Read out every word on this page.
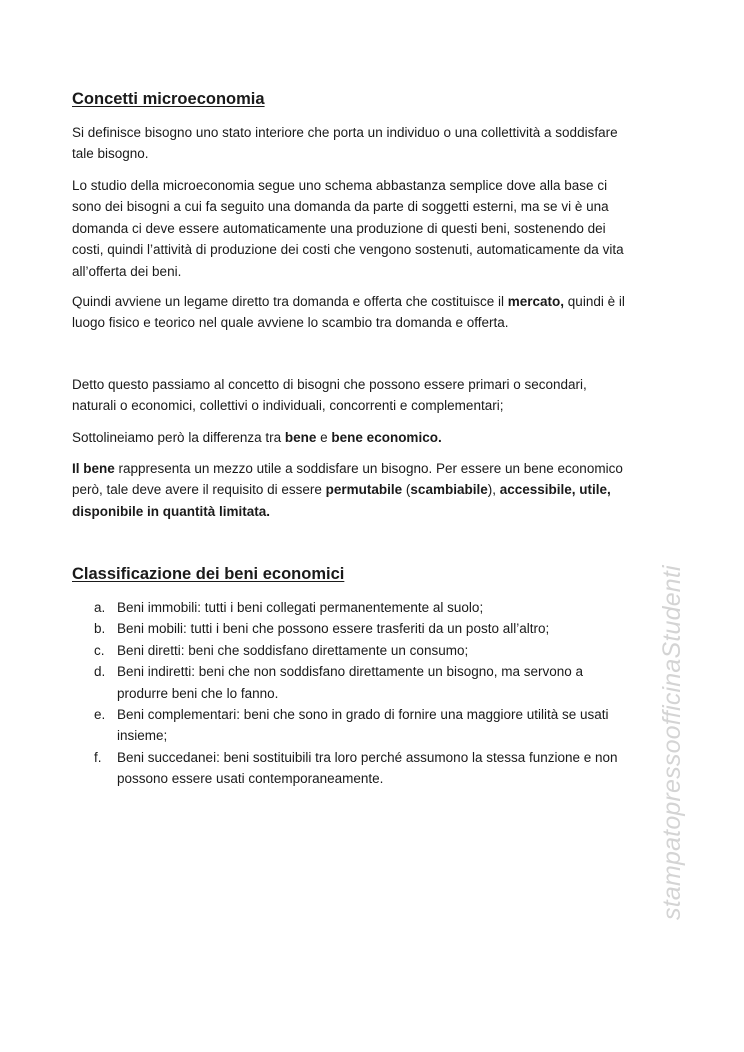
Concetti microeconomia
Si definisce bisogno uno stato interiore che porta un individuo o una collettività a soddisfare
tale bisogno.
Lo studio della microeconomia segue uno schema abbastanza semplice dove alla base ci
sono dei bisogni a cui fa seguito una domanda da parte di soggetti esterni, ma se vi è una
domanda ci deve essere automaticamente una produzione di questi beni, sostenendo dei
costi, quindi l’attività di produzione dei costi che vengono sostenuti, automaticamente da vita
all’offerta dei beni.
Quindi avviene un legame diretto tra domanda e offerta che costituisce il mercato, quindi è il
luogo fisico e teorico nel quale avviene lo scambio tra domanda e offerta.
Detto questo passiamo al concetto di bisogni che possono essere primari o secondari,
naturali o economici, collettivi o individuali, concorrenti e complementari;
Sottolineiamo però la differenza tra bene e bene economico.
Il bene rappresenta un mezzo utile a soddisfare un bisogno. Per essere un bene economico
però, tale deve avere il requisito di essere permutabile (scambiabile), accessibile, utile,
disponibile in quantità limitata.
Classificazione dei beni economici
a. Beni immobili: tutti i beni collegati permanentemente al suolo;
b. Beni mobili: tutti i beni che possono essere trasferiti da un posto all’altro;
c. Beni diretti: beni che soddisfano direttamente un consumo;
d. Beni indiretti: beni che non soddisfano direttamente un bisogno, ma servono a
produrre beni che lo fanno.
e. Beni complementari: beni che sono in grado di fornire una maggiore utilità se usati
insieme;
f. Beni succedanei: beni sostituibili tra loro perché assumono la stessa funzione e non
possono essere usati contemporaneamente.	stampatopressoofficinaStudenti
